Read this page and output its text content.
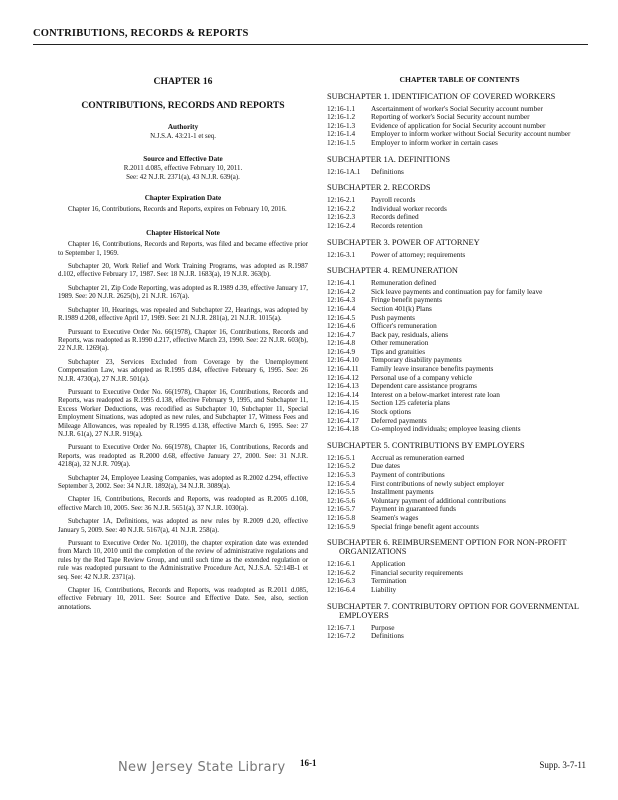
CONTRIBUTIONS, RECORDS & REPORTS
CHAPTER 16
CONTRIBUTIONS, RECORDS AND REPORTS
Authority
N.J.S.A. 43:21-1 et seq.
Source and Effective Date
R.2011 d.085, effective February 10, 2011.
See: 42 N.J.R. 2371(a), 43 N.J.R. 639(a).
Chapter Expiration Date

Chapter 16, Contributions, Records and Reports, expires on February 10, 2016.

Chapter Historical Note

Chapter 16, Contributions, Records and Reports, was filed and became effective prior to September 1, 1969.

Subchapter 20, Work Relief and Work Training Programs, was adopted as R.1987 d.102, effective February 17, 1987. See: 18 N.J.R. 1683(a), 19 N.J.R. 363(b).

Subchapter 21, Zip Code Reporting, was adopted as R.1989 d.39, effective January 17, 1989. See: 20 N.J.R. 2625(b), 21 N.J.R. 167(a).

Subchapter 10, Hearings, was repealed and Subchapter 22, Hearings, was adopted by R.1989 d.208, effective April 17, 1989. See: 21 N.J.R. 281(a), 21 N.J.R. 1015(a).

Pursuant to Executive Order No. 66(1978), Chapter 16, Contributions, Records and Reports, was readopted as R.1990 d.217, effective March 23, 1990. See: 22 N.J.R. 603(b), 22 N.J.R. 1269(a).

Subchapter 23, Services Excluded from Coverage by the Unemployment Compensation Law, was adopted as R.1995 d.84, effective February 6, 1995. See: 26 N.J.R. 4730(a), 27 N.J.R. 501(a).

Pursuant to Executive Order No. 66(1978), Chapter 16, Contributions, Records and Reports, was readopted as R.1995 d.138, effective February 9, 1995, and Subchapter 11, Excess Worker Deductions, was recodified as Subchapter 10, Subchapter 11, Special Employment Situations, was adopted as new rules, and Subchapter 17, Witness Fees and Mileage Allowances, was repealed by R.1995 d.138, effective March 6, 1995. See: 27 N.J.R. 61(a), 27 N.J.R. 919(a).

Pursuant to Executive Order No. 66(1978), Chapter 16, Contributions, Records and Reports, was readopted as R.2000 d.68, effective January 27, 2000. See: 31 N.J.R. 4218(a), 32 N.J.R. 709(a).

Subchapter 24, Employee Leasing Companies, was adopted as R.2002 d.294, effective September 3, 2002. See: 34 N.J.R. 1892(a), 34 N.J.R. 3089(a).

Chapter 16, Contributions, Records and Reports, was readopted as R.2005 d.108, effective March 10, 2005. See: 36 N.J.R. 5651(a), 37 N.J.R. 1030(a).

Subchapter 1A, Definitions, was adopted as new rules by R.2009 d.20, effective January 5, 2009. See: 40 N.J.R. 5167(a), 41 N.J.R. 258(a).

Pursuant to Executive Order No. 1(2010), the chapter expiration date was extended from March 10, 2010 until the completion of the review of administrative regulations and rules by the Red Tape Review Group, and until such time as the extended regulation or rule was readopted pursuant to the Administrative Procedure Act, N.J.S.A. 52:14B-1 et seq. See: 42 N.J.R. 2371(a).

Chapter 16, Contributions, Records and Reports, was readopted as R.2011 d.085, effective February 10, 2011. See: Source and Effective Date. See, also, section annotations.

CHAPTER TABLE OF CONTENTS
SUBCHAPTER 1. IDENTIFICATION OF COVERED WORKERS
12:16-1.1	Ascertainment of worker's Social Security account number
12:16-1.2	Reporting of worker's Social Security account number
12:16-1.3	Evidence of application for Social Security account number
12:16-1.4	Employer to inform worker without Social Security account number
12:16-1.5	Employer to inform worker in certain cases
SUBCHAPTER 1A. DEFINITIONS
12:16-1A.1	Definitions
SUBCHAPTER 2. RECORDS
12:16-2.1	Payroll records
12:16-2.2	Individual worker records
12:16-2.3	Records defined
12:16-2.4	Records retention
SUBCHAPTER 3. POWER OF ATTORNEY
12:16-3.1	Power of attorney; requirements
SUBCHAPTER 4. REMUNERATION
12:16-4.1	Remuneration defined
12:16-4.2	Sick leave payments and continuation pay for family leave
12:16-4.3	Fringe benefit payments
12:16-4.4	Section 401(k) Plans
12:16-4.5	Push payments
12:16-4.6	Officer's remuneration
12:16-4.7	Back pay, residuals, aliens
12:16-4.8	Other remuneration
12:16-4.9	Tips and gratuities
12:16-4.10	Temporary disability payments
12:16-4.11	Family leave insurance benefits payments
12:16-4.12	Personal use of a company vehicle
12:16-4.13	Dependent care assistance programs
12:16-4.14	Interest on a below-market interest rate loan
12:16-4.15	Section 125 cafeteria plans
12:16-4.16	Stock options
12:16-4.17	Deferred payments
12:16-4.18	Co-employed individuals; employee leasing clients
SUBCHAPTER 5. CONTRIBUTIONS BY EMPLOYERS
12:16-5.1	Accrual as remuneration earned
12:16-5.2	Due dates
12:16-5.3	Payment of contributions
12:16-5.4	First contributions of newly subject employer
12:16-5.5	Installment payments
12:16-5.6	Voluntary payment of additional contributions
12:16-5.7	Payment in guaranteed funds
12:16-5.8	Seamen's wages
12:16-5.9	Special fringe benefit agent accounts
SUBCHAPTER 6. REIMBURSEMENT OPTION FOR NON-PROFIT ORGANIZATIONS
12:16-6.1	Application
12:16-6.2	Financial security requirements
12:16-6.3	Termination
12:16-6.4	Liability
SUBCHAPTER 7. CONTRIBUTORY OPTION FOR GOVERNMENTAL EMPLOYERS
12:16-7.1	Purpose
12:16-7.2	Definitions
New Jersey State Library 16-1	Supp. 3-7-11
